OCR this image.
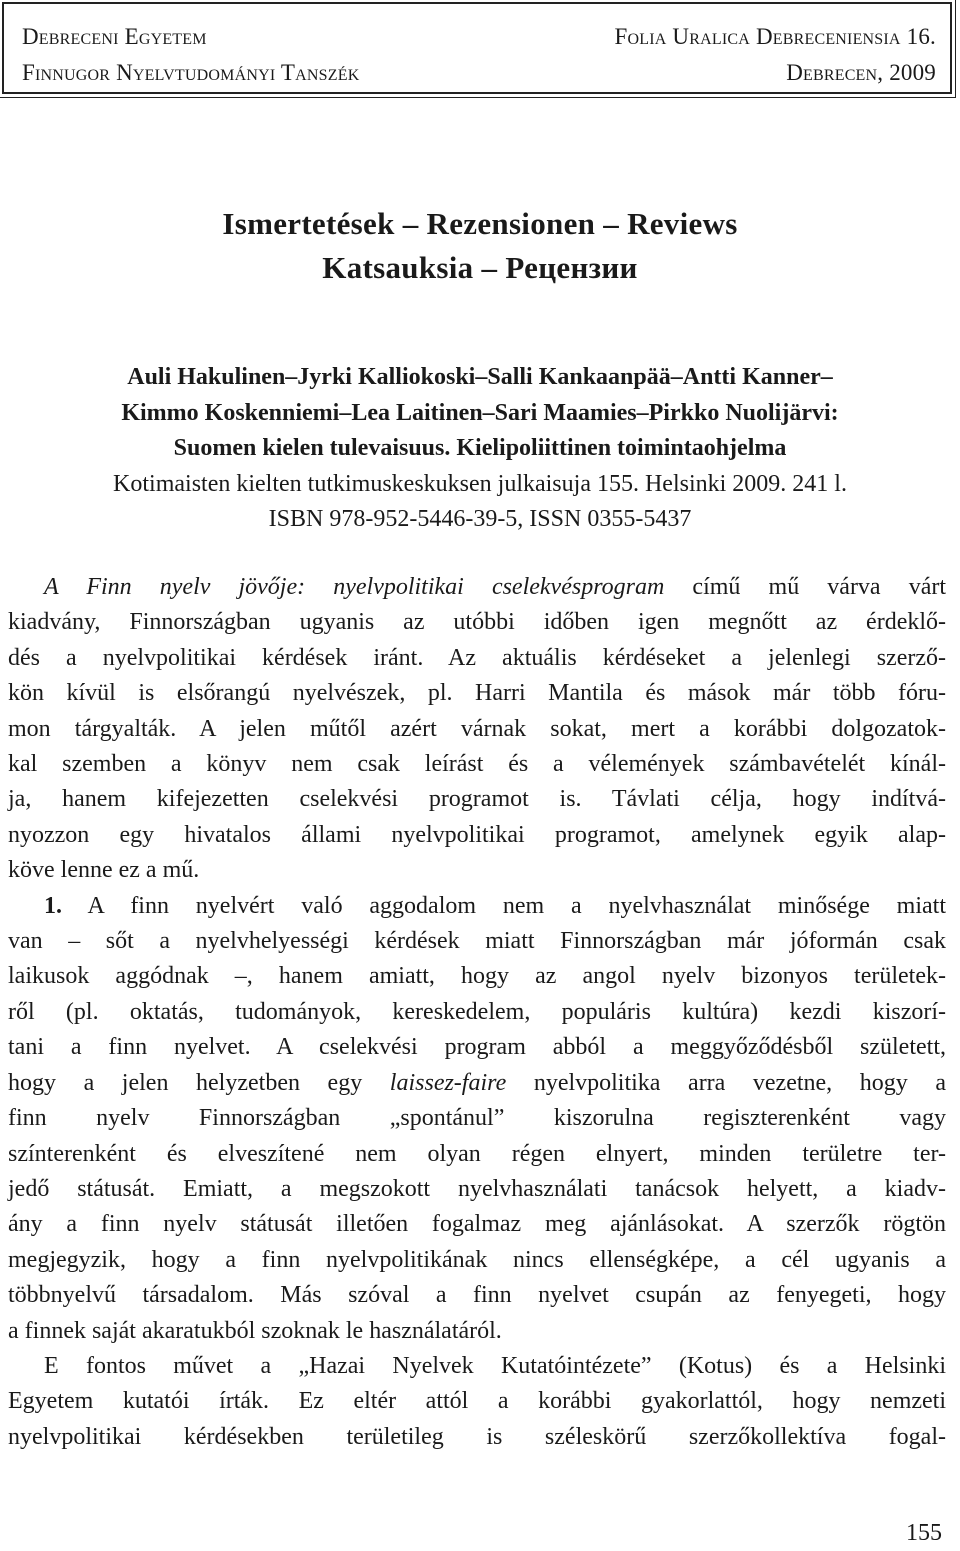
Debreceni Egyetem	Folia Uralica Debreceniensia 16.
Finnugor Nyelvtudományi Tanszék	Debrecen, 2009
Ismertetések – Rezensionen – Reviews
Katsauksia – Рецензии
Auli Hakulinen–Jyrki Kalliokoski–Salli Kankaanpää–Antti Kanner–
Kimmo Koskenniemi–Lea Laitinen–Sari Maamies–Pirkko Nuolijärvi:
Suomen kielen tulevaisuus. Kielipoliittinen toimintaohjelma
Kotimaisten kielten tutkimuskeskuksen julkaisuja 155. Helsinki 2009. 241 l.
ISBN 978-952-5446-39-5, ISSN 0355-5437
A Finn nyelv jövője: nyelvpolitikai cselekvésprogram című mű várva várt
kiadvány, Finnországban ugyanis az utóbbi időben igen megnőtt az érdeklő-
dés a nyelvpolitikai kérdések iránt. Az aktuális kérdéseket a jelenlegi szerző-
kön kívül is elsőrangú nyelvészek, pl. Harri Mantila és mások már több fóru-
mon tárgyalták. A jelen műtől azért várnak sokat, mert a korábbi dolgozatok-
kal szemben a könyv nem csak leírást és a vélemények számbavételét kínál-
ja, hanem kifejezetten cselekvési programot is. Távlati célja, hogy indítvá-
nyozzon egy hivatalos állami nyelvpolitikai programot, amelynek egyik alap-
köve lenne ez a mű.
1. A finn nyelvért való aggodalom nem a nyelvhasználat minősége miatt
van – sőt a nyelvhelyességi kérdések miatt Finnországban már jóformán csak
laikusok aggódnak –, hanem amiatt, hogy az angol nyelv bizonyos területek-
ről (pl. oktatás, tudományok, kereskedelem, populáris kultúra) kezdi kiszorí-
tani a finn nyelvet. A cselekvési program abból a meggyőződésből született,
hogy a jelen helyzetben egy laissez-faire nyelvpolitika arra vezetne, hogy a
finn nyelv Finnországban „spontánul” kiszorulna regiszterenként vagy
színterenként és elveszítené nem olyan régen elnyert, minden területre ter-
jedő státusát. Emiatt, a megszokott nyelvhasználati tanácsok helyett, a kiadv-
ány a finn nyelv státusát illetően fogalmaz meg ajánlásokat. A szerzők rögtön
megjegyzik, hogy a finn nyelvpolitikának nincs ellenségképe, a cél ugyanis a
többnyelvű társadalom. Más szóval a finn nyelvet csupán az fenyegeti, hogy
a finnek saját akaratukból szoknak le használatáról.
E fontos művet a „Hazai Nyelvek Kutatóintézete” (Kotus) és a Helsinki
Egyetem kutatói írták. Ez eltér attól a korábbi gyakorlattól, hogy nemzeti
nyelvpolitikai kérdésekben területileg is széleskörű szerzőkollektíva fogal-
155
